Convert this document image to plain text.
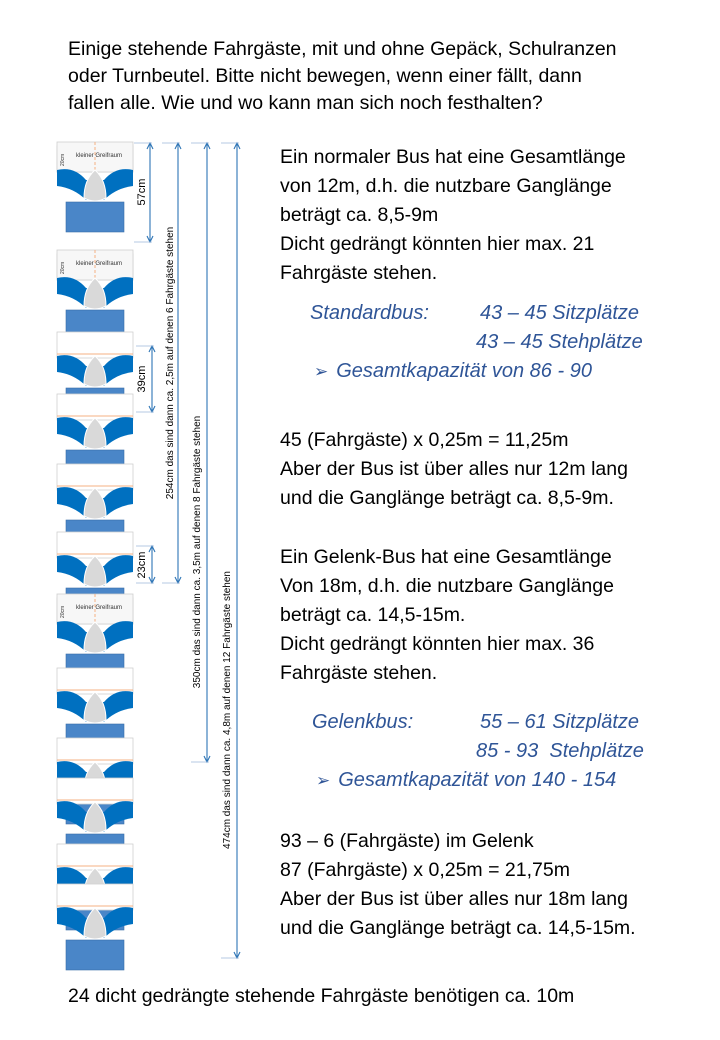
Einige stehende Fahrgäste, mit und ohne Gepäck, Schulranzen
oder Turnbeutel. Bitte nicht bewegen, wenn einer fällt, dann
fallen alle. Wie und wo kann man sich noch festhalten?
kleiner Greifraum
20cm
kleiner Greifraum
20cm
kleiner Greifraum
20cm
57cm
254cm das sind dann ca. 2,5m auf denen 6 Fahrgäste stehen
350cm das sind dann ca. 3,5m auf denen 8 Fahrgäste stehen
474cm das sind dann ca. 4,8m auf denen 12 Fahrgäste stehen
39cm
23cm
Ein normaler Bus hat eine Gesamtlänge
von 12m, d.h. die nutzbare Ganglänge
beträgt ca. 8,5-9m
Dicht gedrängt könnten hier max. 21
Fahrgäste stehen.
Standardbus:	43 – 45 Sitzplätze
43 – 45 Stehplätze
➢ Gesamtkapazität von 86 - 90
45 (Fahrgäste) x 0,25m = 11,25m
Aber der Bus ist über alles nur 12m lang
und die Ganglänge beträgt ca. 8,5-9m.
Ein Gelenk-Bus hat eine Gesamtlänge
Von 18m, d.h. die nutzbare Ganglänge
beträgt ca. 14,5-15m.
Dicht gedrängt könnten hier max. 36
Fahrgäste stehen.
Gelenkbus:	55 – 61 Sitzplätze
85 - 93  Stehplätze
➢ Gesamtkapazität von 140 - 154
93 – 6 (Fahrgäste) im Gelenk
87 (Fahrgäste) x 0,25m = 21,75m
Aber der Bus ist über alles nur 18m lang
und die Ganglänge beträgt ca. 14,5-15m.
24 dicht gedrängte stehende Fahrgäste benötigen ca. 10m
